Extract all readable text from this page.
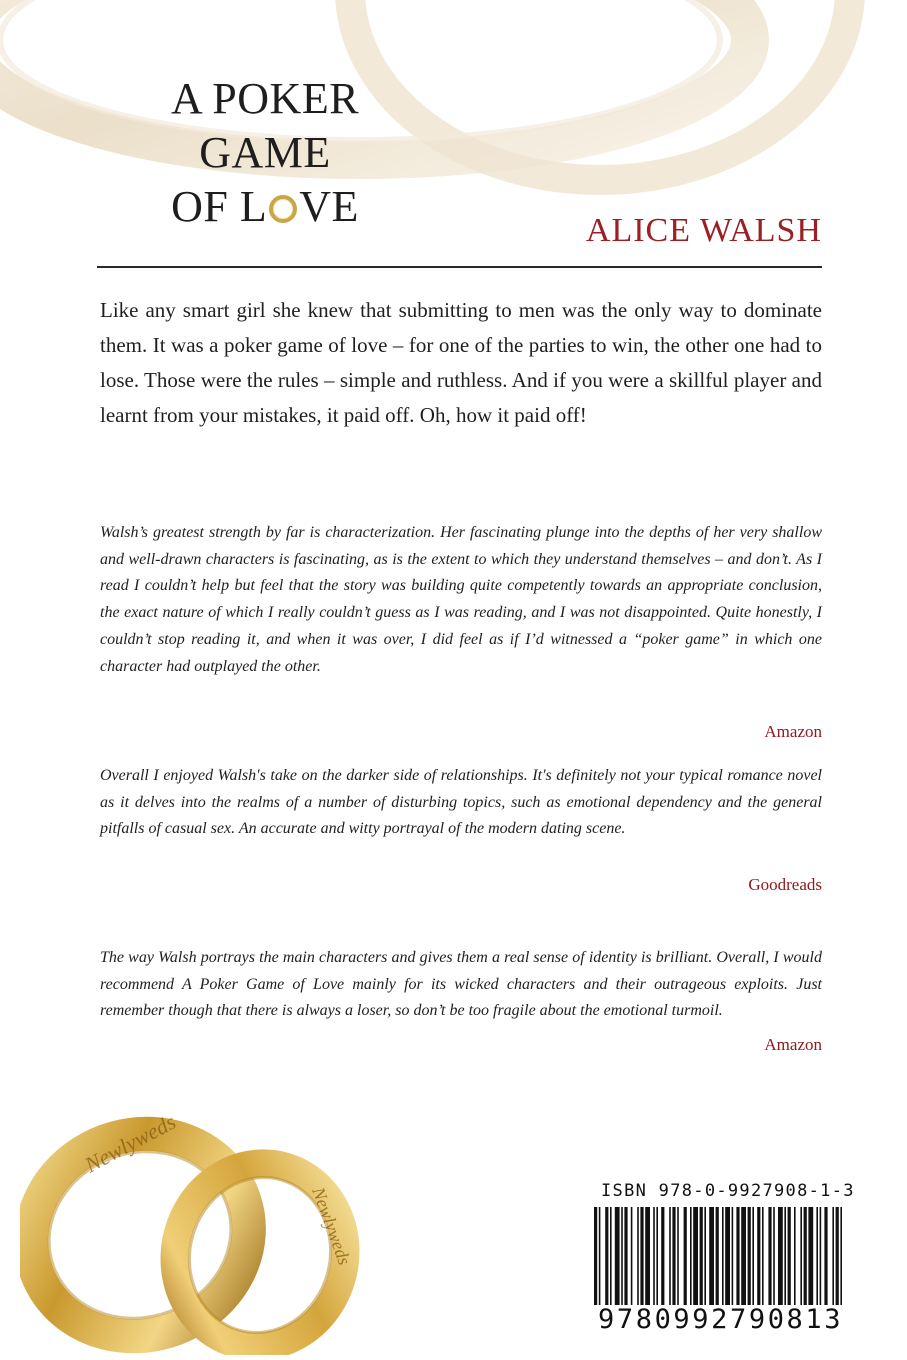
A POKER
GAME
OF L VE	ALICE WALSH
Like any smart girl she knew that submitting to men was the only way to dominate them. It was a poker game of love – for one of the parties to win, the other one had to lose. Those were the rules – simple and ruthless. And if you were a skillful player and learnt from your mistakes, it paid off. Oh, how it paid off!
Walsh’s greatest strength by far is characterization. Her fascinating plunge into the depths of her very shallow and well-drawn characters is fascinating, as is the extent to which they understand themselves – and don’t. As I read I couldn’t help but feel that the story was building quite competently towards an appropriate conclusion, the exact nature of which I really couldn’t guess as I was reading, and I was not disappointed. Quite honestly, I couldn’t stop reading it, and when it was over, I did feel as if I’d witnessed a “poker game” in which one character had outplayed the other.
Amazon
Overall I enjoyed Walsh's take on the darker side of relationships. It's definitely not your typical romance novel as it delves into the realms of a number of disturbing topics, such as emotional dependency and the general pitfalls of casual sex. An accurate and witty portrayal of the modern dating scene.
Goodreads
The way Walsh portrays the main characters and gives them a real sense of identity is brilliant. Overall, I would recommend A Poker Game of Love mainly for its wicked characters and their outrageous exploits. Just remember though that there is always a loser, so don’t be too fragile about the emotional turmoil.
Amazon
Newlyweds
Newlyweds	ISBN 978-0-9927908-1-3
9780992790813
